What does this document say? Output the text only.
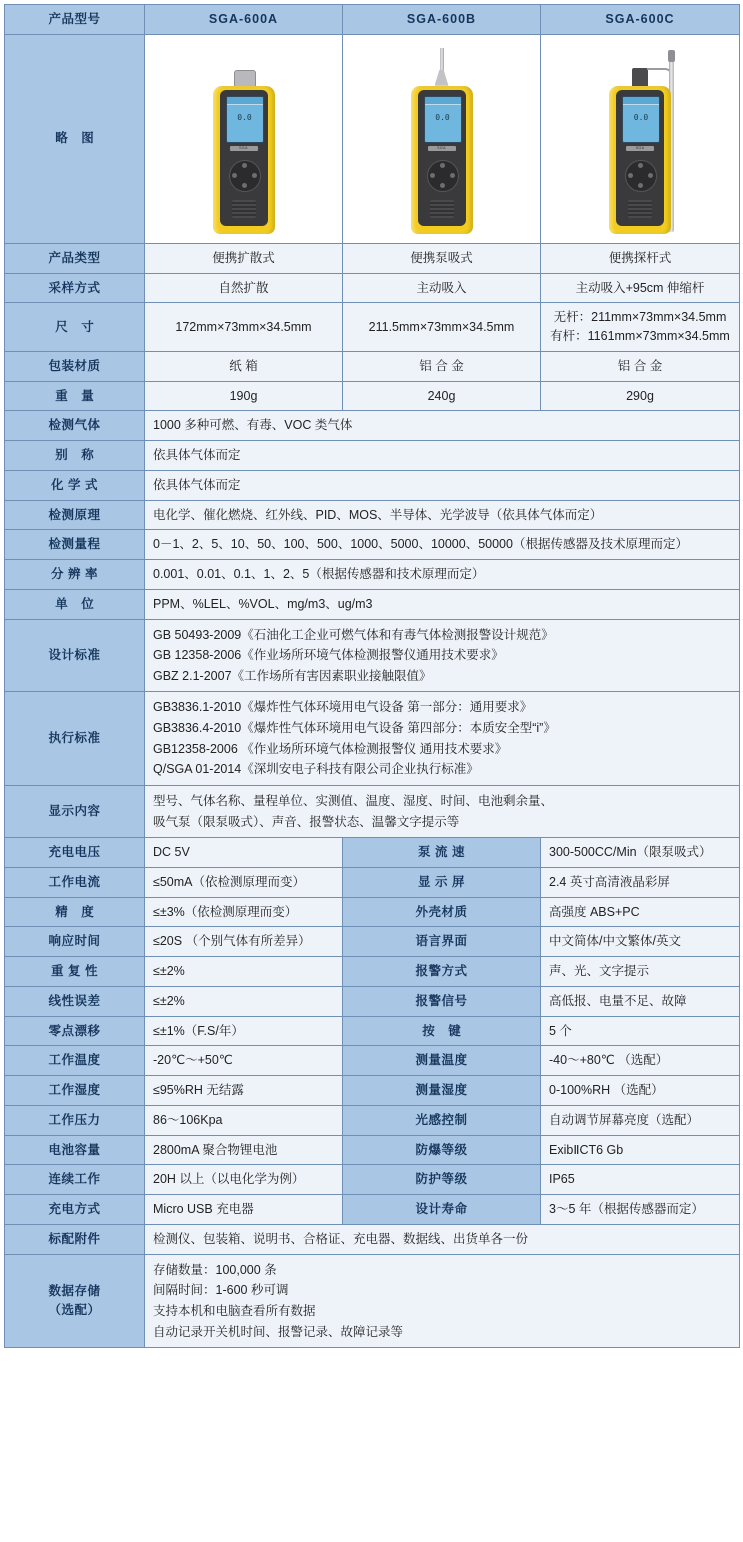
产品型号	SGA-600A	SGA-600B	SGA-600C
略 图	
0.0
SGA

0.0
SGA

0.0
SGA

产品类型	便携扩散式	便携泵吸式	便携探杆式
采样方式	自然扩散	主动吸入	主动吸入+95cm 伸缩杆
尺 寸	172mm×73mm×34.5mm	211.5mm×73mm×34.5mm	无杆：211mm×73mm×34.5mm
有杆：1161mm×73mm×34.5mm
包装材质	纸 箱	铝 合 金	铝 合 金
重 量	190g	240g	290g
检测气体	1000 多种可燃、有毒、VOC 类气体		
别 称	依具体气体而定		
化 学 式	依具体气体而定		
检测原理	电化学、催化燃烧、红外线、PID、MOS、半导体、光学波导（依具体气体而定）		
检测量程	0－1、2、5、10、50、100、500、1000、5000、10000、50000（根据传感器及技术原理而定）		
分 辨 率	0.001、0.01、0.1、1、2、5（根据传感器和技术原理而定）		
单 位	PPM、%LEL、%VOL、mg/m3、ug/m3		
设计标准	GB 50493-2009《石油化工企业可燃气体和有毒气体检测报警设计规范》
GB 12358-2006《作业场所环境气体检测报警仪通用技术要求》
GBZ 2.1-2007《工作场所有害因素职业接触限值》		
执行标准	GB3836.1-2010《爆炸性气体环境用电气设备 第一部分：通用要求》
GB3836.4-2010《爆炸性气体环境用电气设备 第四部分：本质安全型“i”》
GB12358-2006 《作业场所环境气体检测报警仪 通用技术要求》
Q/SGA 01-2014《深圳安电子科技有限公司企业执行标准》		
显示内容	型号、气体名称、量程单位、实测值、温度、湿度、时间、电池剩余量、
吸气泵（限泵吸式）、声音、报警状态、温馨文字提示等		
充电电压	DC 5V	泵 流 速	300-500CC/Min（限泵吸式）
工作电流	≤50mA（依检测原理而变）	显 示 屏	2.4 英寸高清液晶彩屏
精 度	≤±3%（依检测原理而变）	外壳材质	高强度 ABS+PC
响应时间	≤20S （个别气体有所差异）	语言界面	中文简体/中文繁体/英文
重 复 性	≤±2%	报警方式	声、光、文字提示
线性误差	≤±2%	报警信号	高低报、电量不足、故障
零点漂移	≤±1%（F.S/年）	按 键	5 个
工作温度	-20℃～+50℃	测量温度	-40～+80℃ （选配）
工作湿度	≤95%RH 无结露	测量湿度	0-100%RH （选配）
工作压力	86～106Kpa	光感控制	自动调节屏幕亮度（选配）
电池容量	2800mA 聚合物锂电池	防爆等级	ExibⅡCT6 Gb
连续工作	20H 以上（以电化学为例）	防护等级	IP65
充电方式	Micro USB 充电器	设计寿命	3～5 年（根据传感器而定）
标配附件	检测仪、包装箱、说明书、合格证、充电器、数据线、出货单各一份		
数据存储
（选配）	存储数量：100,000 条
间隔时间：1-600 秒可调
支持本机和电脑查看所有数据
自动记录开关机时间、报警记录、故障记录等		
